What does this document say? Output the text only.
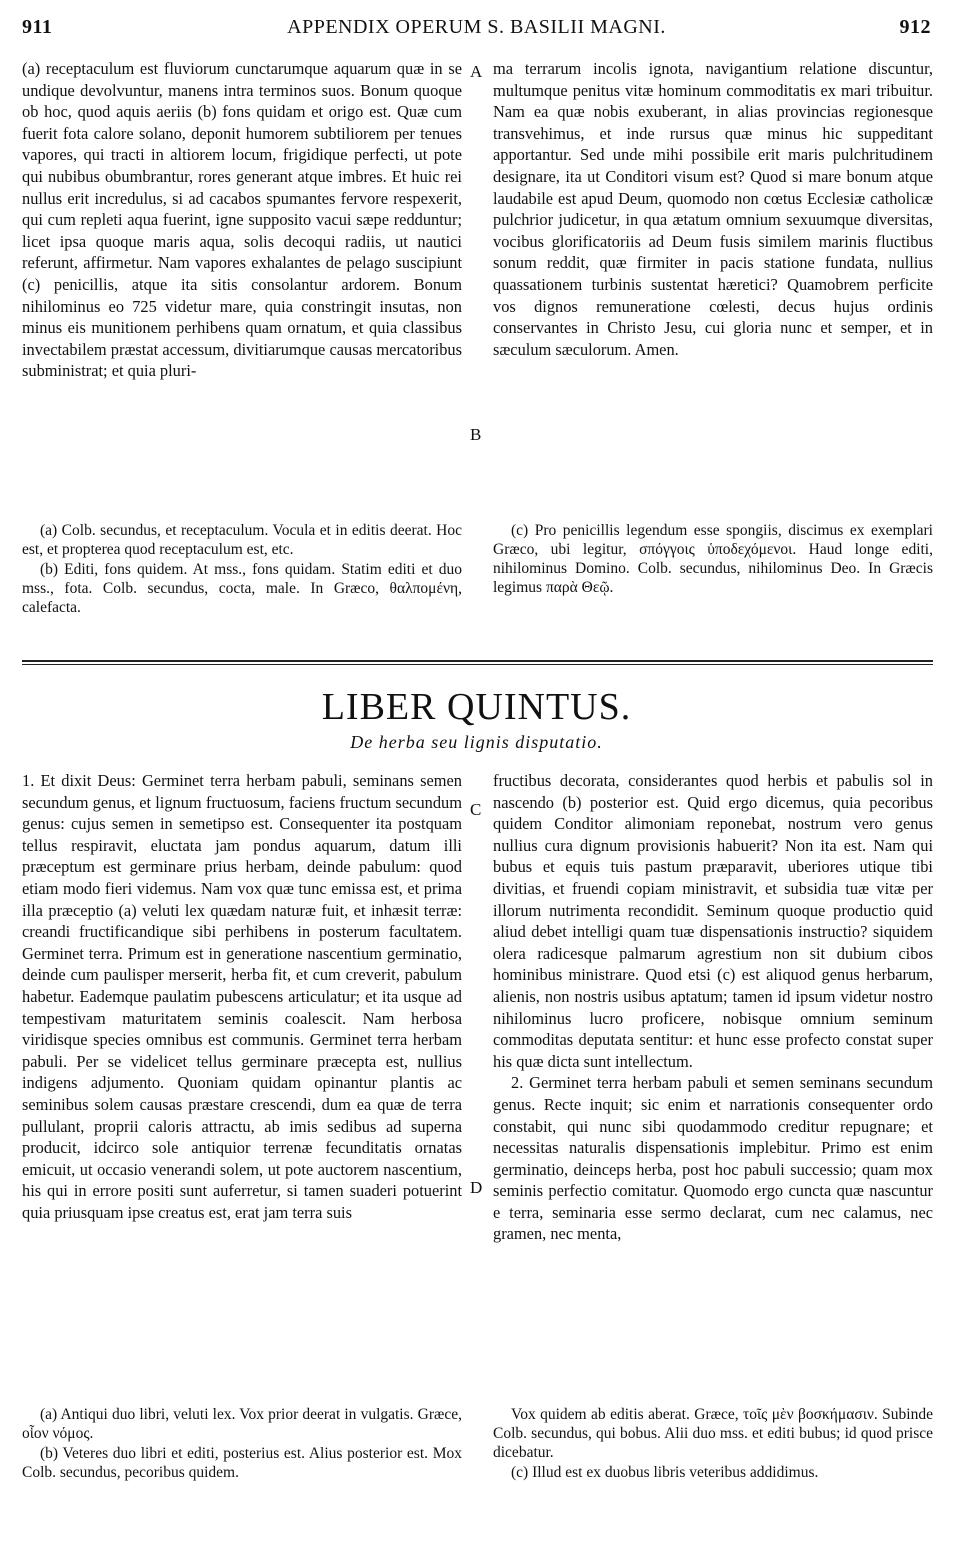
911	APPENDIX OPERUM S. BASILII MAGNI.	912

(a) receptaculum est fluviorum cunctarumque aquarum quæ in se undique devolvuntur, manens intra terminos suos. Bonum quoque ob hoc, quod aquis aeriis (b) fons quidam et origo est. Quæ cum fuerit fota calore solano, deponit humorem subtiliorem per tenues vapores, qui tracti in altiorem locum, frigidique perfecti, ut pote qui nubibus obumbrantur, rores generant atque imbres. Et huic rei nullus erit incredulus, si ad cacabos spumantes fervore respexerit, qui cum repleti aqua fuerint, igne supposito vacui sæpe redduntur; licet ipsa quoque maris aqua, solis decoqui radiis, ut nautici referunt, affirmetur. Nam vapores exhalantes de pelago suscipiunt (c) penicillis, atque ita sitis consolantur ardorem. Bonum nihilominus eo 725 videtur mare, quia constringit insutas, non minus eis munitionem perhibens quam ornatum, et quia classibus invectabilem præstat accessum, divitiarumque causas mercatoribus subministrat; et quia pluri-

A ma terrarum incolis ignota, navigantium relatione discuntur, multumque penitus vitæ hominum commoditatis ex mari tribuitur. Nam ea quæ nobis exuberant, in alias provincias regionesque transvehimus, et inde rursus quæ minus hic suppeditant apportantur. Sed unde mihi possibile erit maris pulchritudinem designare, ita ut Conditori visum est? Quod si mare bonum atque laudabile est apud Deum, quomodo non cœtus Ecclesiæ catholicæ pulchrior judicetur, in qua ætatum omnium sexuumque diversitas, vocibus glorificatoriis ad Deum fusis similem marinis fluctibus sonum reddit, quæ firmiter in pacis statione fundata, nullius quassationem turbinis sustentat hæretici? Quamobrem perficite vos dignos remuneratione cœlesti, decus hujus ordinis conservantes in Christo Jesu, cui gloria nunc et semper, et in sæculum sæculorum. Amen.

B

(a) Colb. secundus, et receptaculum. Vocula et in editis deerat. Hoc est, et propterea quod receptaculum est, etc.

(b) Editi, fons quidem. At mss., fons quidam. Statim editi et duo mss., fota. Colb. secundus, cocta, male. In Græco, θαλπομένη, calefacta.

(c) Pro penicillis legendum esse spongiis, discimus ex exemplari Græco, ubi legitur, σπόγγοις ὑποδεχόμενοι. Haud longe editi, nihilominus Domino. Colb. secundus, nihilominus Deo. In Græcis legimus παρὰ Θεῷ.

LIBER QUINTUS.
De herba seu lignis disputatio.

1. Et dixit Deus: Germinet terra herbam pabuli, seminans semen secundum genus, et lignum fructuosum, faciens fructum secundum genus: cujus semen in semetipso est. Consequenter ita postquam tellus respiravit, eluctata jam pondus aquarum, datum illi præceptum est germinare prius herbam, deinde pabulum: quod etiam modo fieri videmus. Nam vox quæ tunc emissa est, et prima illa præceptio (a) veluti lex quædam naturæ fuit, et inhæsit terræ: creandi fructificandique sibi perhibens in posterum facultatem. Germinet terra. Primum est in generatione nascentium germinatio, deinde cum paulisper merserit, herba fit, et cum creverit, pabulum habetur. Eademque paulatim pubescens articulatur; et ita usque ad tempestivam maturitatem seminis coalescit. Nam herbosa viridisque species omnibus est communis. Germinet terra herbam pabuli. Per se videlicet tellus germinare præcepta est, nullius indigens adjumento. Quoniam quidam opinantur plantis ac seminibus solem causas præstare crescendi, dum ea quæ de terra pullulant, proprii caloris attractu, ab imis sedibus ad superna producit, idcirco sole antiquior terrenæ fecunditatis ornatas emicuit, ut occasio venerandi solem, ut pote auctorem nascentium, his qui in errore positi sunt auferretur, si tamen suaderi potuerint quia priusquam ipse creatus est, erat jam terra suis

C

fructibus decorata, considerantes quod herbis et pabulis sol in nascendo (b) posterior est. Quid ergo dicemus, quia pecoribus quidem Conditor alimoniam reponebat, nostrum vero genus nullius cura dignum provisionis habuerit? Non ita est. Nam qui bubus et equis tuis pastum præparavit, uberiores utique tibi divitias, et fruendi copiam ministravit, et subsidia tuæ vitæ per illorum nutrimenta recondidit. Seminum quoque productio quid aliud debet intelligi quam tuæ dispensationis instructio? siquidem olera radicesque palmarum agrestium non sit dubium cibos hominibus ministrare. Quod etsi (c) est aliquod genus herbarum, alienis, non nostris usibus aptatum; tamen id ipsum videtur nostro nihilominus lucro proficere, nobisque omnium seminum commoditas deputata sentitur: et hunc esse profecto constat super his quæ dicta sunt intellectum.

2. Germinet terra herbam pabuli et semen seminans secundum genus. Recte inquit; sic enim et narrationis consequenter ordo constabit, qui nunc sibi quodammodo creditur repugnare; et necessitas naturalis dispensationis implebitur. Primo est enim germinatio, deinceps herba, post hoc pabuli successio; quam mox seminis perfectio comitatur. Quomodo ergo cuncta quæ nascuntur e terra, seminaria esse sermo declarat, cum nec calamus, nec gramen, nec menta,

D

(a) Antiqui duo libri, veluti lex. Vox prior deerat in vulgatis. Græce, οἷον νόμος.

(b) Veteres duo libri et editi, posterius est. Alius posterior est. Mox Colb. secundus, pecoribus quidem.

Vox quidem ab editis aberat. Græce, τοῖς μὲν βοσκήμασιν. Subinde Colb. secundus, qui bobus. Alii duo mss. et editi bubus; id quod prisce dicebatur.

(c) Illud est ex duobus libris veteribus addidimus.
